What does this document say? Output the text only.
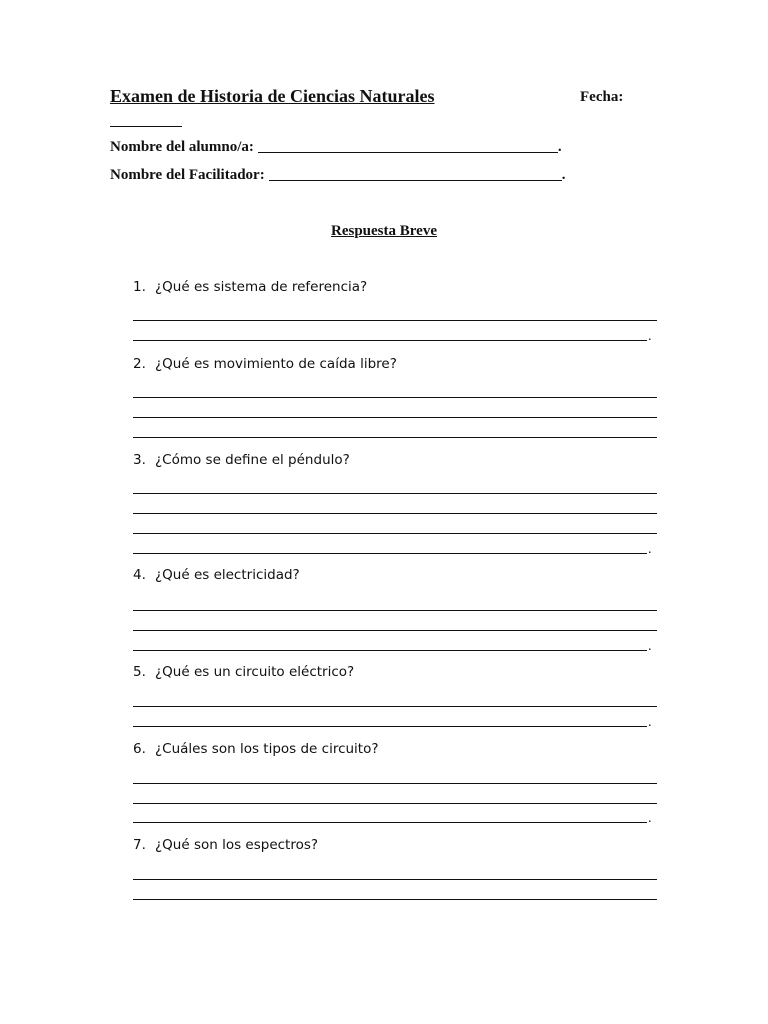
Examen de Historia de Ciencias Naturales	Fecha:
Nombre del alumno/a:	.
Nombre del Facilitador:	.
Respuesta Breve
1. ¿Qué es sistema de referencia?
.
2. ¿Qué es movimiento de caída libre?
3. ¿Cómo se define el péndulo?
.
4. ¿Qué es electricidad?
.
5. ¿Qué es un circuito eléctrico?
.
6. ¿Cuáles son los tipos de circuito?
.
7. ¿Qué son los espectros?
